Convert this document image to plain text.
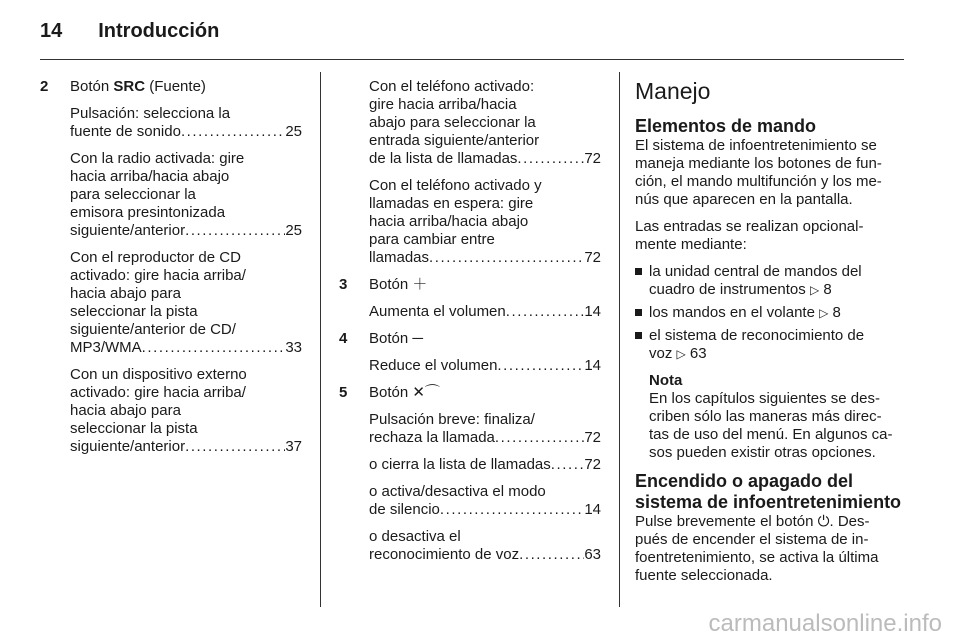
14 Introducción
2 Botón SRC (Fuente)

Pulsación: selecciona la

fuente de sonido . . .	25

Con la radio activada: gire
hacia arriba/hacia abajo
para seleccionar la
emisora presintonizada

siguiente/anterior . . .	25

Con el reproductor de CD
activado: gire hacia arriba/
hacia abajo para
seleccionar la pista
siguiente/anterior de CD/

MP3/WMA . . .	33

Con un dispositivo externo
activado: gire hacia arriba/
hacia abajo para
seleccionar la pista

siguiente/anterior . . .	37

Con el teléfono activado:
gire hacia arriba/hacia
abajo para seleccionar la
entrada siguiente/anterior

de la lista de llamadas . . .	72

Con el teléfono activado y
llamadas en espera: gire
hacia arriba/hacia abajo
para cambiar entre

llamadas . . .	72

3 Botón ＋

Aumenta el volumen . . .	14

4 Botón ─

Reduce el volumen . . .	14

5 Botón ✕⌒

Pulsación breve: finaliza/

rechaza la llamada . . .	72

o cierra la lista de llamadas . . . 72

o activa/desactiva el modo

de silencio . . .	14

o desactiva el

reconocimiento de voz . . .	63

Manejo
Elementos de mando

El sistema de infoentretenimiento se
maneja mediante los botones de fun-
ción, el mando multifunción y los me-
nús que aparecen en la pantalla.

Las entradas se realizan opcional-
mente mediante:

la unidad central de mandos del
cuadro de instrumentos ▷ 8
los mandos en el volante ▷ 8
el sistema de reconocimiento de
voz ▷ 63
Nota
En los capítulos siguientes se des-
criben sólo las maneras más direc-
tas de uso del menú. En algunos ca-
sos pueden existir otras opciones.
Encendido o apagado del
sistema de infoentretenimiento

Pulse brevemente el botón ⏻. Des-
pués de encender el sistema de in-
foentretenimiento, se activa la última
fuente seleccionada.

carmanualsonline.info
